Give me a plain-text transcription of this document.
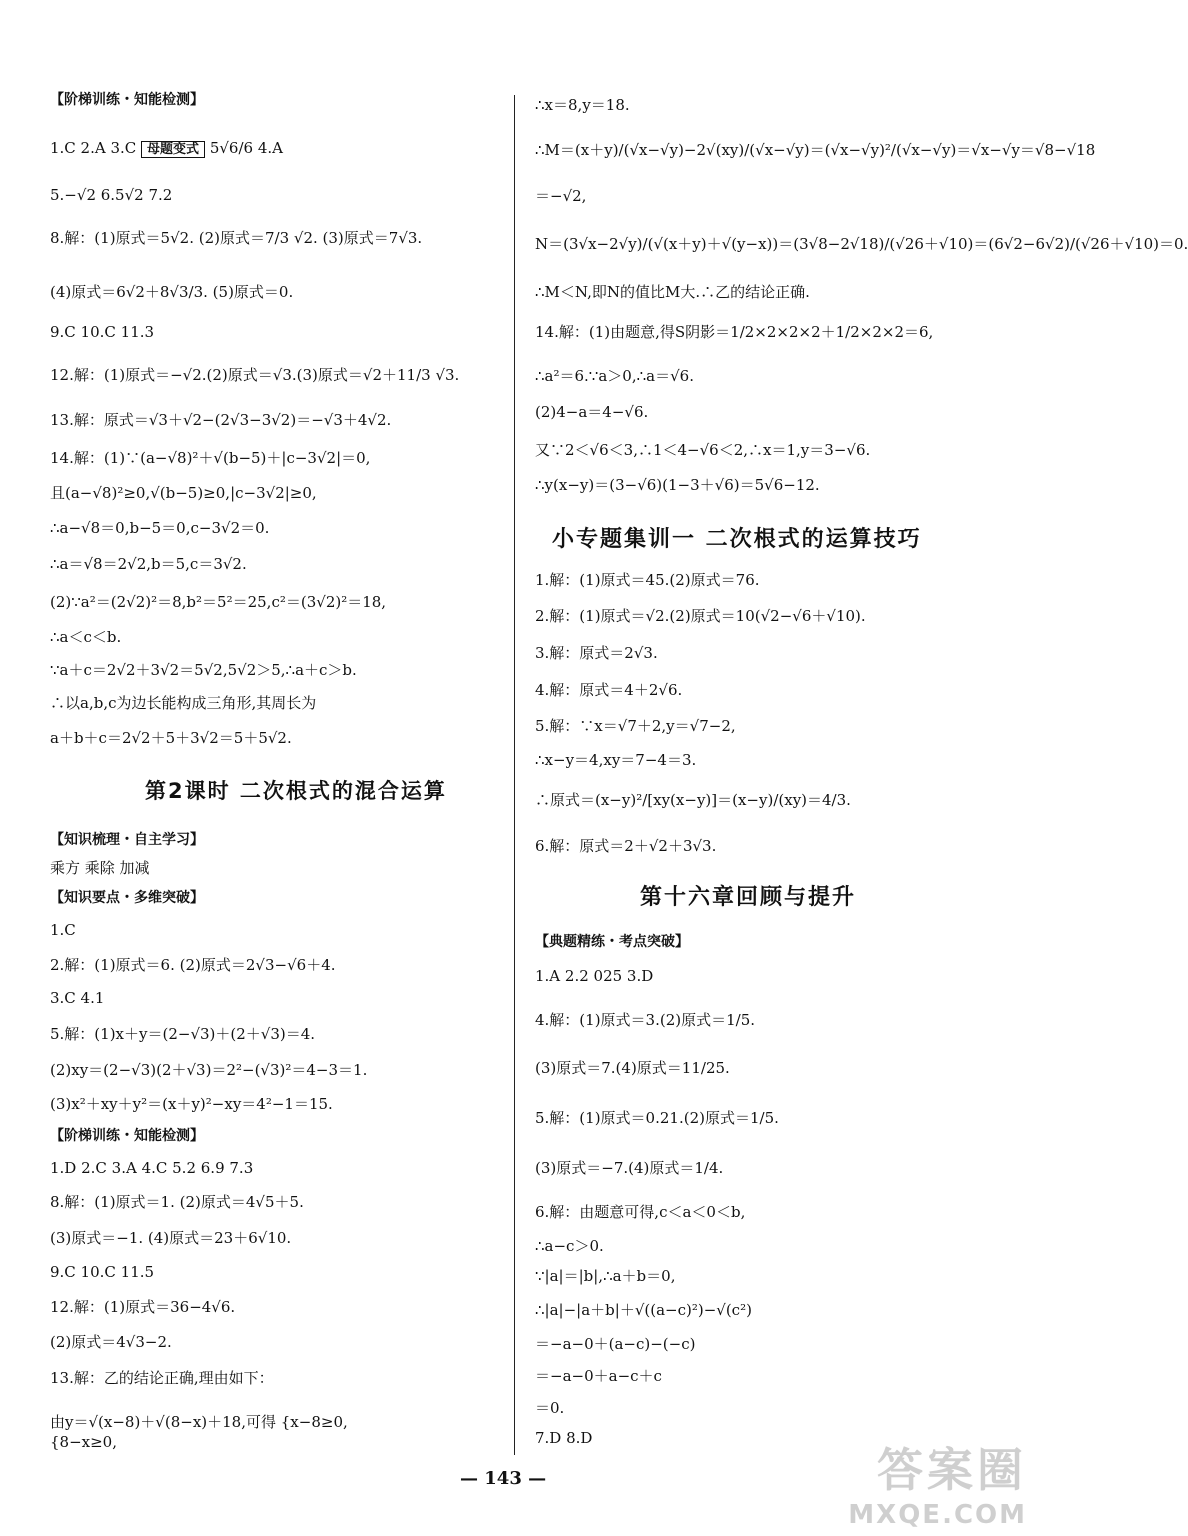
【阶梯训练・知能检测】
1.C 2.A 3.C 母题变式 5√6/6 4.A
5.−√2 6.5√2 7.2
8.解：(1)原式＝5√2. (2)原式＝7/3 √2. (3)原式＝7√3.
(4)原式＝6√2＋8√3/3. (5)原式＝0.
9.C 10.C 11.3
12.解：(1)原式＝−√2.(2)原式＝√3.(3)原式＝√2＋11/3 √3.
13.解：原式＝√3＋√2−(2√3−3√2)＝−√3＋4√2.
14.解：(1)∵(a−√8)²＋√(b−5)＋|c−3√2|＝0,
且(a−√8)²≥0,√(b−5)≥0,|c−3√2|≥0,
∴a−√8＝0,b−5＝0,c−3√2＝0.
∴a＝√8＝2√2,b＝5,c＝3√2.
(2)∵a²＝(2√2)²＝8,b²＝5²＝25,c²＝(3√2)²＝18,
∴a＜c＜b.
∵a＋c＝2√2＋3√2＝5√2,5√2＞5,∴a＋c＞b.
∴以a,b,c为边长能构成三角形,其周长为
a＋b＋c＝2√2＋5＋3√2＝5＋5√2.
【知识梳理・自主学习】
乘方 乘除 加减
【知识要点・多维突破】
1.C
2.解：(1)原式＝6. (2)原式＝2√3−√6＋4.
3.C 4.1
5.解：(1)x＋y＝(2−√3)＋(2＋√3)＝4.
(2)xy＝(2−√3)(2＋√3)＝2²−(√3)²＝4−3＝1.
(3)x²＋xy＋y²＝(x＋y)²−xy＝4²−1＝15.
【阶梯训练・知能检测】
1.D 2.C 3.A 4.C 5.2 6.9 7.3
8.解：(1)原式＝1. (2)原式＝4√5＋5.
(3)原式＝−1. (4)原式＝23＋6√10.
9.C 10.C 11.5
12.解：(1)原式＝36−4√6.
(2)原式＝4√3−2.
13.解：乙的结论正确,理由如下：
由y＝√(x−8)＋√(8−x)＋18,可得 {x−8≥0,
{8−x≥0,
∴x＝8,y＝18.
∴M＝(x＋y)/(√x−√y)−2√(xy)/(√x−√y)＝(√x−√y)²/(√x−√y)＝√x−√y＝√8−√18
＝−√2,
N＝(3√x−2√y)/(√(x＋y)＋√(y−x))＝(3√8−2√18)/(√26＋√10)＝(6√2−6√2)/(√26＋√10)＝0.
∴M＜N,即N的值比M大.∴乙的结论正确.
14.解：(1)由题意,得S阴影＝1/2×2×2×2＋1/2×2×2＝6,
∴a²＝6.∵a＞0,∴a＝√6.
(2)4−a＝4−√6.
又∵2＜√6＜3,∴1＜4−√6＜2,∴x＝1,y＝3−√6.
∴y(x−y)＝(3−√6)(1−3＋√6)＝5√6−12.
1.解：(1)原式＝45.(2)原式＝76.
2.解：(1)原式＝√2.(2)原式＝10(√2−√6＋√10).
3.解：原式＝2√3.
4.解：原式＝4＋2√6.
5.解：∵x＝√7＋2,y＝√7−2,
∴x−y＝4,xy＝7−4＝3.
∴原式＝(x−y)²/[xy(x−y)]＝(x−y)/(xy)＝4/3.
6.解：原式＝2＋√2＋3√3.
【典题精练・考点突破】
1.A 2.2 025 3.D
4.解：(1)原式＝3.(2)原式＝1/5.
(3)原式＝7.(4)原式＝11/25.
5.解：(1)原式＝0.21.(2)原式＝1/5.
(3)原式＝−7.(4)原式＝1/4.
6.解：由题意可得,c＜a＜0＜b,
∴a−c＞0.
∵|a|＝|b|,∴a＋b＝0,
∴|a|−|a＋b|＋√((a−c)²)−√(c²)
＝−a−0＋(a−c)−(−c)
＝−a−0＋a−c＋c
＝0.
7.D 8.D
第2课时 二次根式的混合运算
小专题集训一 二次根式的运算技巧
第十六章回顾与提升
— 143 —	答案圈
MXQE.COM
